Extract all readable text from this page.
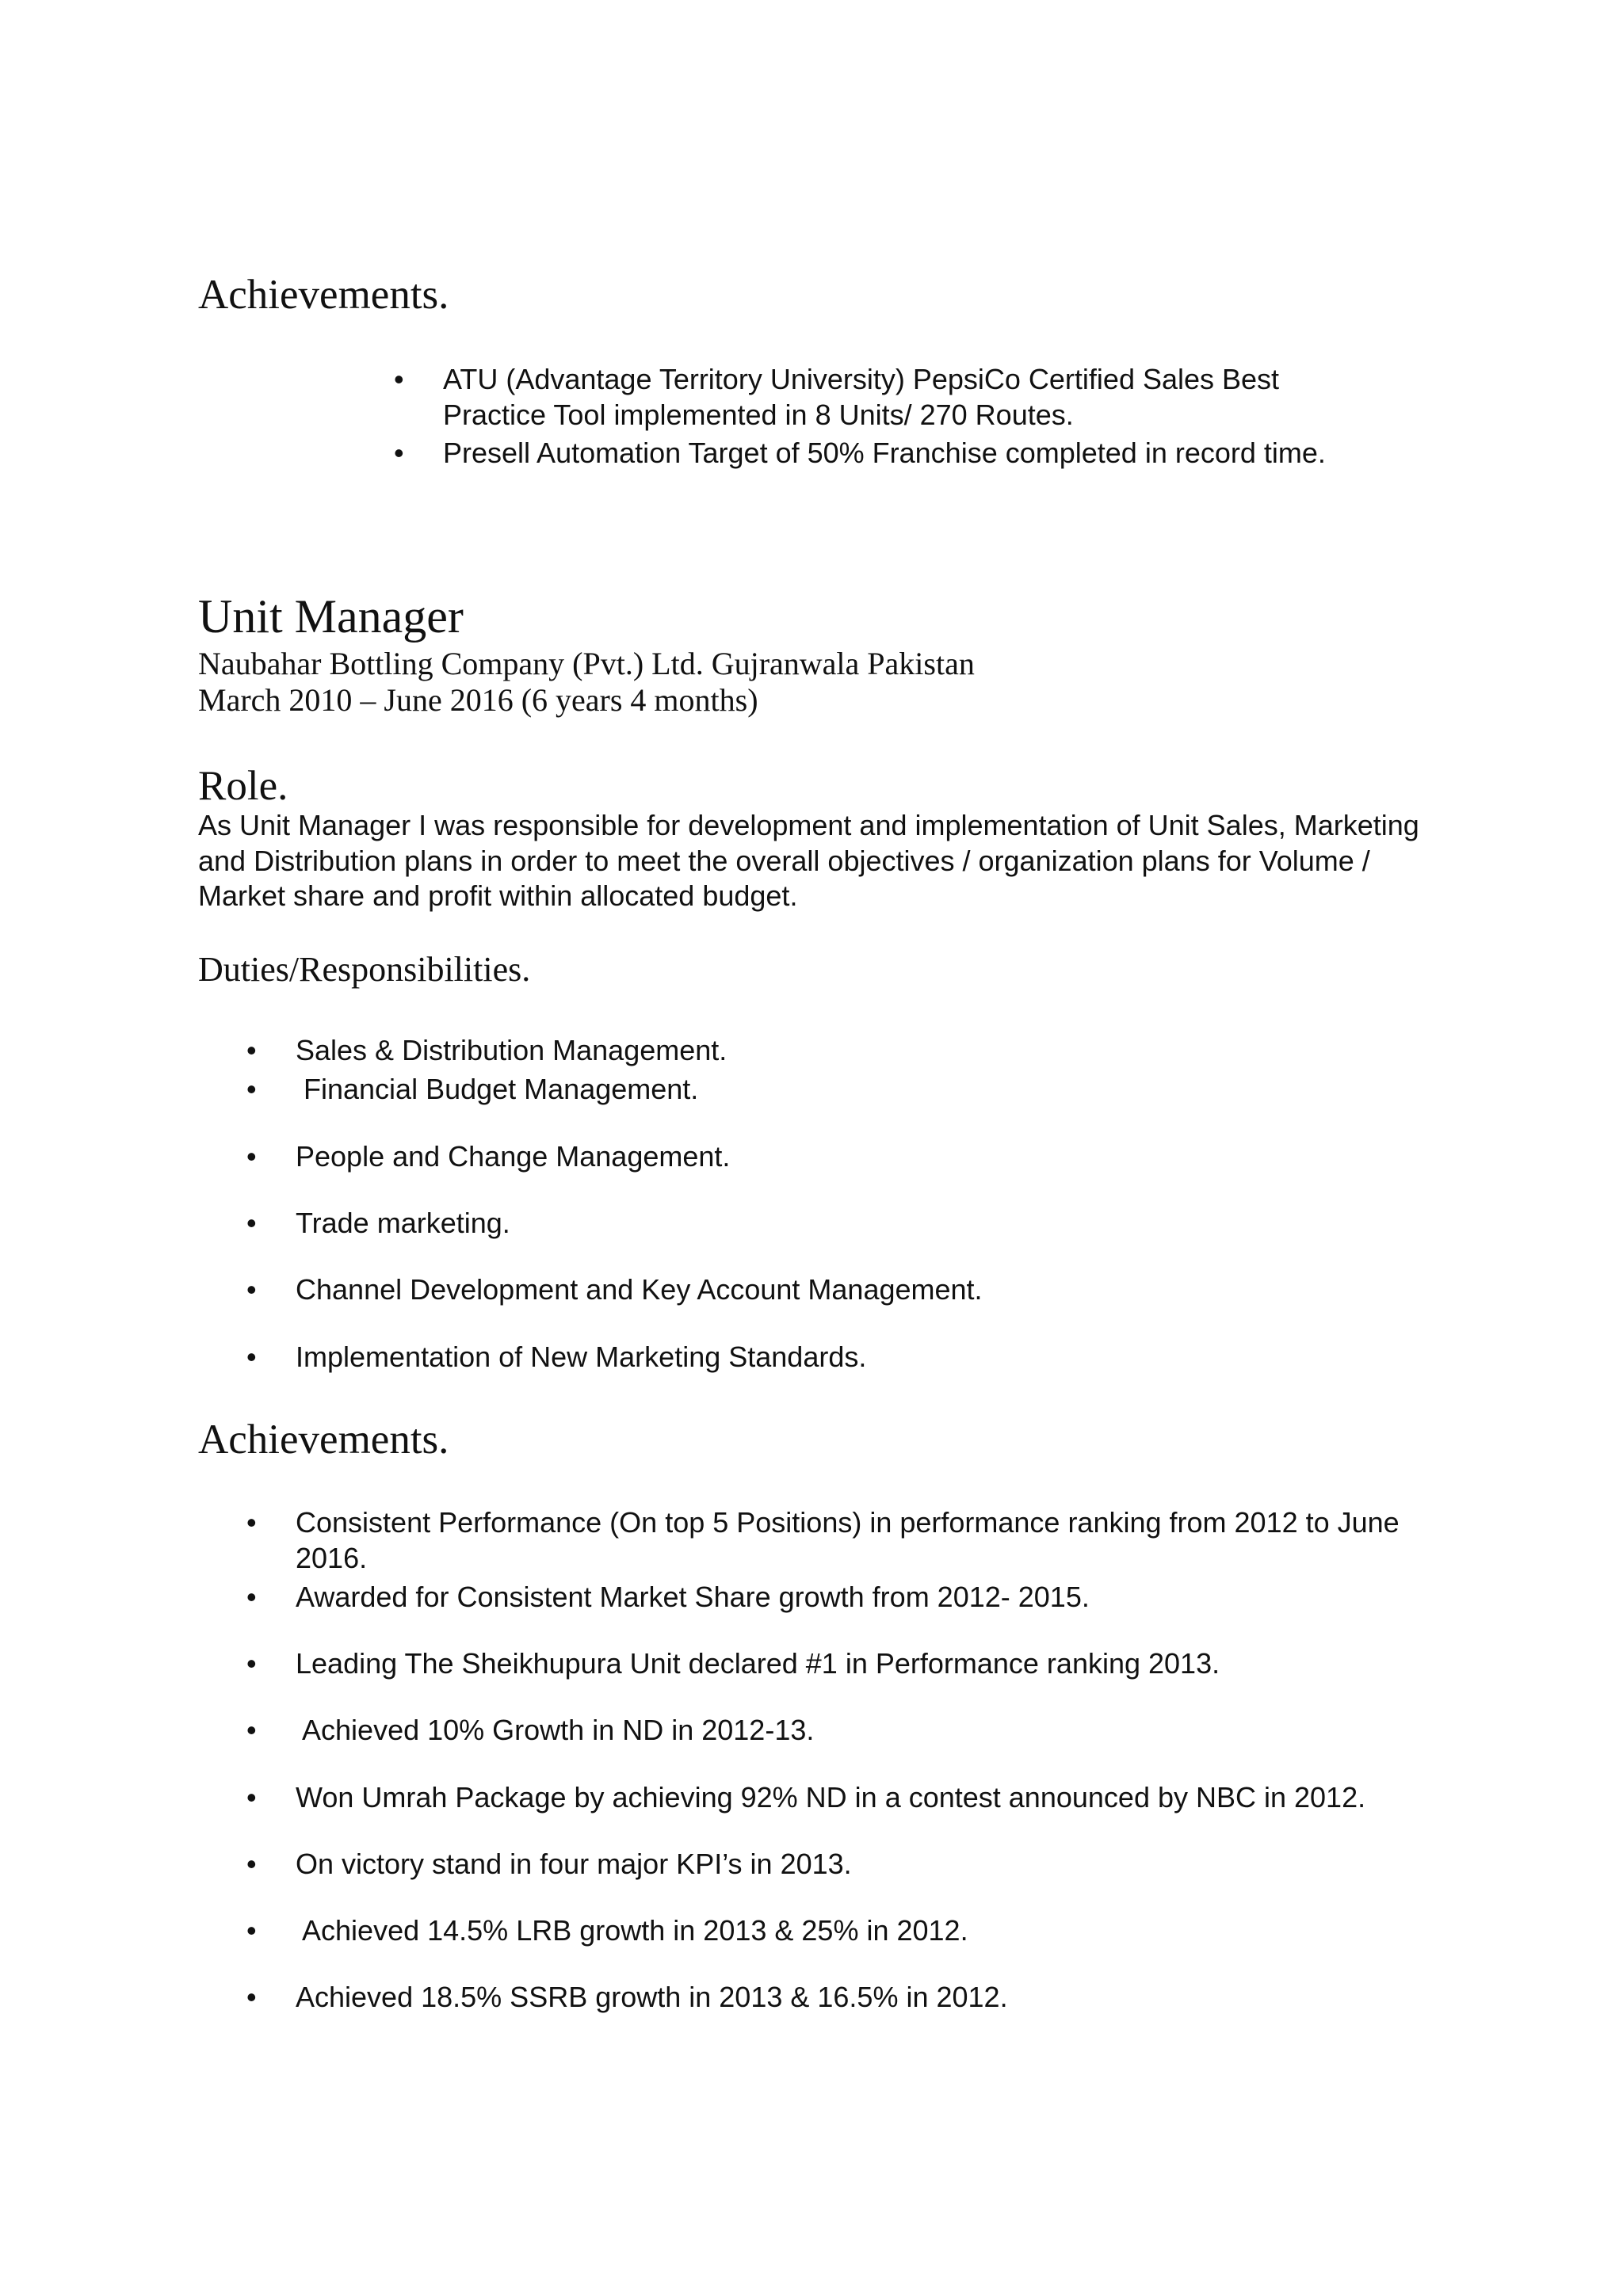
Achievements.
•	ATU (Advantage Territory University) PepsiCo Certified Sales Best Practice Tool implemented in 8 Units/ 270 Routes.
•	Presell Automation Target of 50% Franchise completed in record time.
Unit Manager

Naubahar Bottling Company (Pvt.) Ltd. Gujranwala Pakistan

March 2010 – June 2016 (6 years 4 months)

Role.

As Unit Manager I was responsible for development and implementation of Unit Sales, Marketing and Distribution plans in order to meet the overall objectives / organization plans for Volume / Market share and profit within allocated budget.

Duties/Responsibilities.
•	Sales & Distribution Management.
•	Financial Budget Management.
•	People and Change Management.
•	Trade marketing.
•	Channel Development and Key Account Management.
•	Implementation of New Marketing Standards.
Achievements.
•	Consistent Performance (On top 5 Positions) in performance ranking from 2012 to June 2016.
•	Awarded for Consistent Market Share growth from 2012- 2015.
•	Leading The Sheikhupura Unit declared #1 in Performance ranking 2013.
•	Achieved 10% Growth in ND in 2012-13.
•	Won Umrah Package by achieving 92% ND in a contest announced by NBC in 2012.
•	On victory stand in four major KPI’s in 2013.
•	Achieved 14.5% LRB growth in 2013 & 25% in 2012.
•	Achieved 18.5% SSRB growth in 2013 & 16.5% in 2012.
